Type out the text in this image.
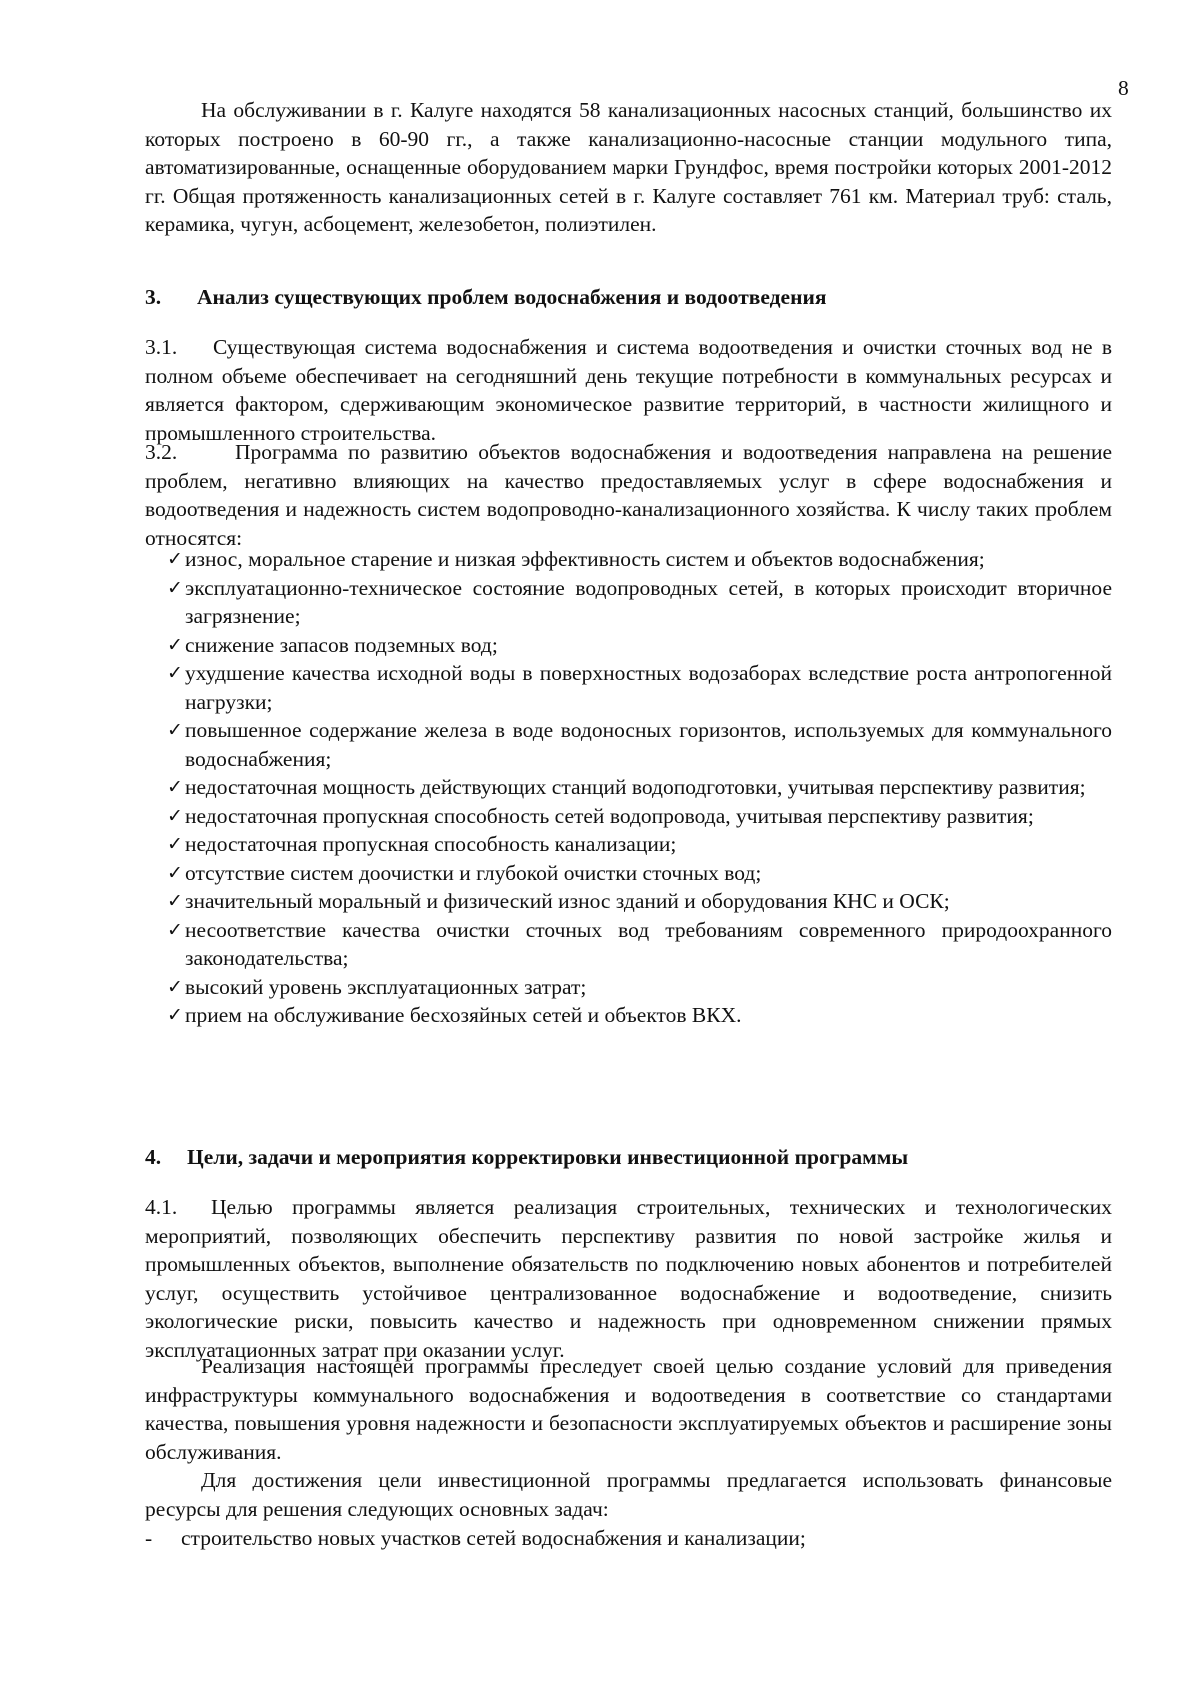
8
На обслуживании в г. Калуге находятся 58 канализационных насосных станций, большинство их которых построено в 60-90 гг., а также канализационно-насосные станции модульного типа, автоматизированные, оснащенные оборудованием марки Грундфос, время постройки которых 2001-2012 гг. Общая протяженность канализационных сетей в г. Калуге составляет 761 км. Материал труб: сталь, керамика, чугун, асбоцемент, железобетон, полиэтилен.
3. Анализ существующих проблем водоснабжения и водоотведения
3.1. Существующая система водоснабжения и система водоотведения и очистки сточных вод не в полном объеме обеспечивает на сегодняшний день текущие потребности в коммунальных ресурсах и является фактором, сдерживающим экономическое развитие территорий, в частности жилищного и промышленного строительства.
3.2.	Программа по развитию объектов водоснабжения и водоотведения направлена на решение проблем, негативно влияющих на качество предоставляемых услуг в сфере водоснабжения и водоотведения и надежность систем водопроводно-канализационного хозяйства. К числу таких проблем относятся:
✓ износ, моральное старение и низкая эффективность систем и объектов водоснабжения;
✓ эксплуатационно-техническое состояние водопроводных сетей, в которых происходит вторичное загрязнение;
✓ снижение запасов подземных вод;
✓ ухудшение качества исходной воды в поверхностных водозаборах вследствие роста антропогенной нагрузки;
✓ повышенное содержание железа в воде водоносных горизонтов, используемых для коммунального водоснабжения;
✓ недостаточная мощность действующих станций водоподготовки, учитывая перспективу развития;
✓ недостаточная пропускная способность сетей водопровода, учитывая перспективу развития;
✓ недостаточная пропускная способность канализации;
✓ отсутствие систем доочистки и глубокой очистки сточных вод;
✓ значительный моральный и физический износ зданий и оборудования КНС и ОСК;
✓ несоответствие качества очистки сточных вод требованиям современного природоохранного законодательства;
✓ высокий уровень эксплуатационных затрат;
✓ прием на обслуживание бесхозяйных сетей и объектов ВКХ.
4. Цели, задачи и мероприятия корректировки инвестиционной программы
4.1. Целью программы является реализация строительных, технических и технологических мероприятий, позволяющих обеспечить перспективу развития по новой застройке жилья и промышленных объектов, выполнение обязательств по подключению новых абонентов и потребителей услуг, осуществить устойчивое централизованное водоснабжение и водоотведение, снизить экологические риски, повысить качество и надежность при одновременном снижении прямых эксплуатационных затрат при оказании услуг.
Реализация настоящей программы преследует своей целью создание условий для приведения инфраструктуры коммунального водоснабжения и водоотведения в соответствие со стандартами качества, повышения уровня надежности и безопасности эксплуатируемых объектов и расширение зоны обслуживания.
Для достижения цели инвестиционной программы предлагается использовать финансовые ресурсы для решения следующих основных задач:
- строительство новых участков сетей водоснабжения и канализации;
